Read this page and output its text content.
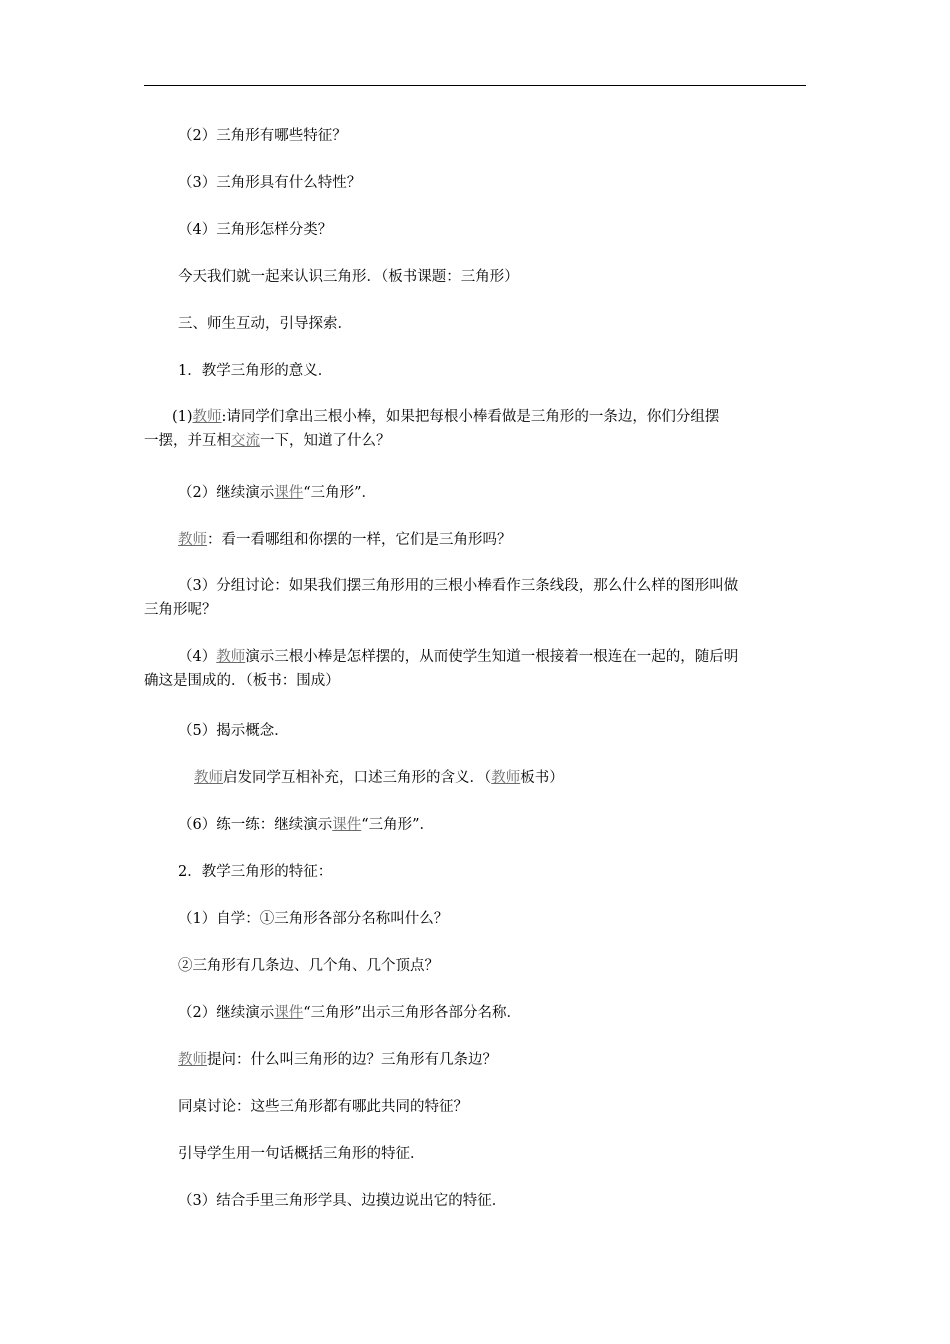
（2）三角形有哪些特征？
（3）三角形具有什么特性？
（4）三角形怎样分类？
今天我们就一起来认识三角形．（板书课题：三角形）
三、师生互动，引导探索．
1．教学三角形的意义．
(1)教师:请同学们拿出三根小棒，如果把每根小棒看做是三角形的一条边，你们分组摆
一摆，并互相交流一下，知道了什么？
（2）继续演示课件“三角形”．
教师：看一看哪组和你摆的一样，它们是三角形吗？
（3）分组讨论：如果我们摆三角形用的三根小棒看作三条线段，那么什么样的图形叫做
三角形呢？
（4）教师演示三根小棒是怎样摆的，从而使学生知道一根接着一根连在一起的，随后明
确这是围成的．（板书：围成）
（5）揭示概念．
教师启发同学互相补充，口述三角形的含义．（教师板书）
（6）练一练：继续演示课件“三角形”．
2．教学三角形的特征：
（1）自学：①三角形各部分名称叫什么？
②三角形有几条边、几个角、几个顶点？
（2）继续演示课件“三角形”出示三角形各部分名称．
教师提问：什么叫三角形的边？三角形有几条边？
同桌讨论：这些三角形都有哪此共同的特征？
引导学生用一句话概括三角形的特征．
（3）结合手里三角形学具、边摸边说出它的特征．
